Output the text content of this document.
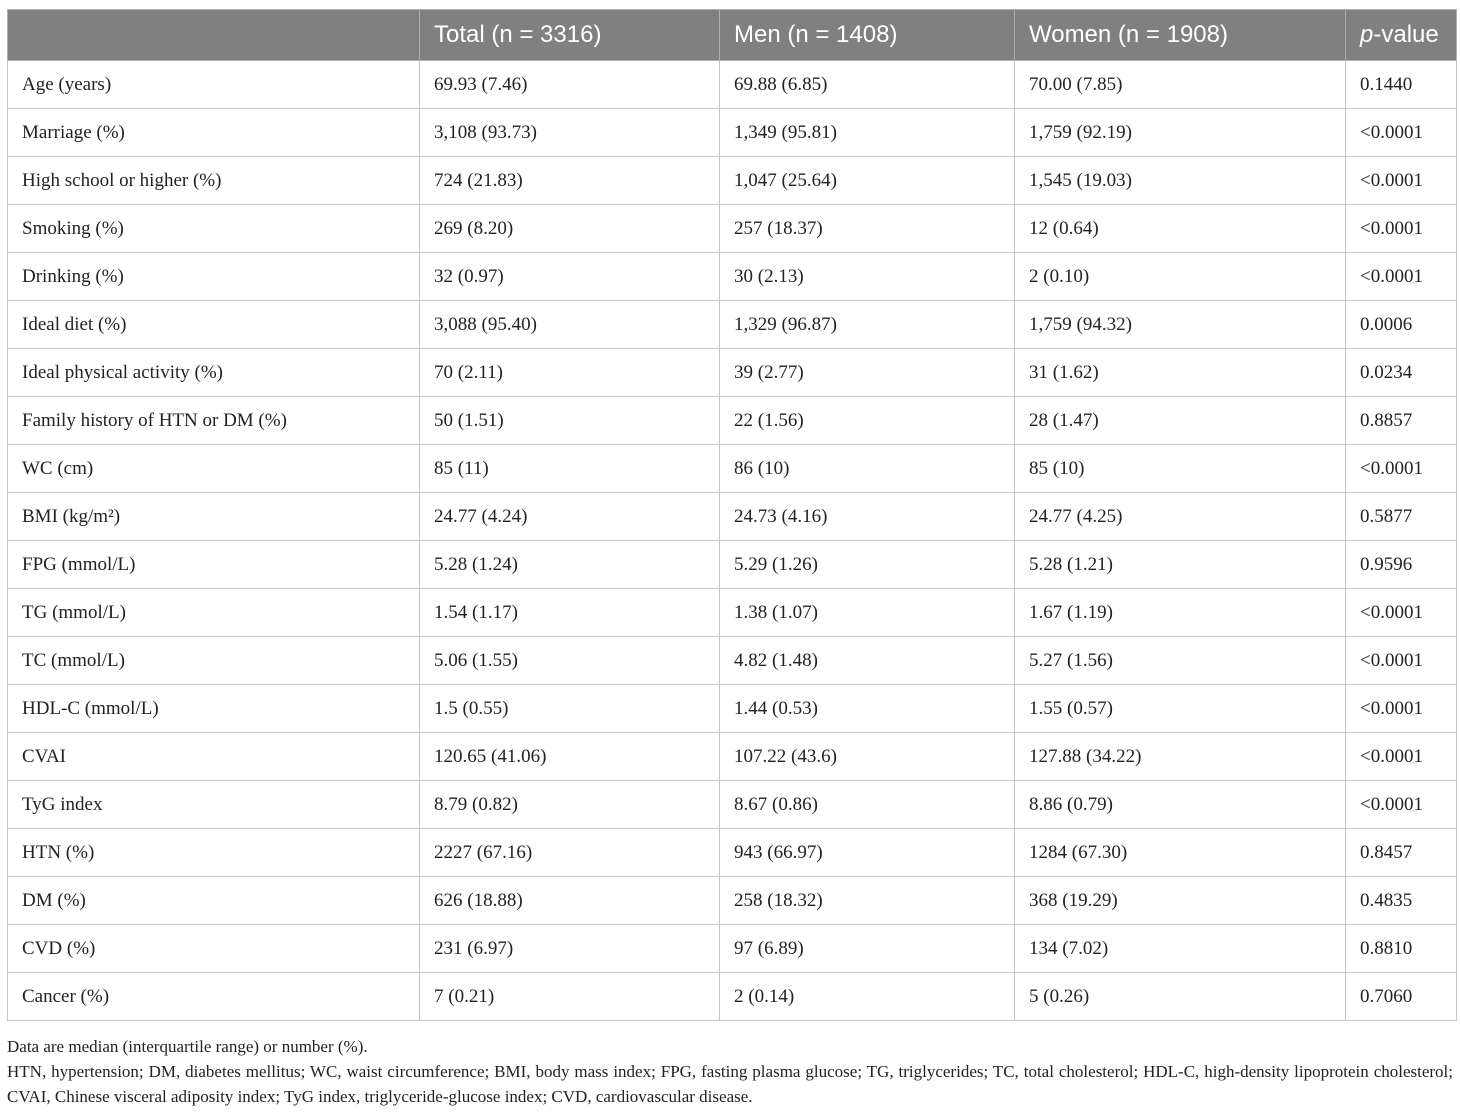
	Total (n = 3316)	Men (n = 1408)	Women (n = 1908)	p-value
Age (years)	69.93 (7.46)	69.88 (6.85)	70.00 (7.85)	0.1440
Marriage (%)	3,108 (93.73)	1,349 (95.81)	1,759 (92.19)	<0.0001
High school or higher (%)	724 (21.83)	1,047 (25.64)	1,545 (19.03)	<0.0001
Smoking (%)	269 (8.20)	257 (18.37)	12 (0.64)	<0.0001
Drinking (%)	32 (0.97)	30 (2.13)	2 (0.10)	<0.0001
Ideal diet (%)	3,088 (95.40)	1,329 (96.87)	1,759 (94.32)	0.0006
Ideal physical activity (%)	70 (2.11)	39 (2.77)	31 (1.62)	0.0234
Family history of HTN or DM (%)	50 (1.51)	22 (1.56)	28 (1.47)	0.8857
WC (cm)	85 (11)	86 (10)	85 (10)	<0.0001
BMI (kg/m²)	24.77 (4.24)	24.73 (4.16)	24.77 (4.25)	0.5877
FPG (mmol/L)	5.28 (1.24)	5.29 (1.26)	5.28 (1.21)	0.9596
TG (mmol/L)	1.54 (1.17)	1.38 (1.07)	1.67 (1.19)	<0.0001
TC (mmol/L)	5.06 (1.55)	4.82 (1.48)	5.27 (1.56)	<0.0001
HDL-C (mmol/L)	1.5 (0.55)	1.44 (0.53)	1.55 (0.57)	<0.0001
CVAI	120.65 (41.06)	107.22 (43.6)	127.88 (34.22)	<0.0001
TyG index	8.79 (0.82)	8.67 (0.86)	8.86 (0.79)	<0.0001
HTN (%)	2227 (67.16)	943 (66.97)	1284 (67.30)	0.8457
DM (%)	626 (18.88)	258 (18.32)	368 (19.29)	0.4835
CVD (%)	231 (6.97)	97 (6.89)	134 (7.02)	0.8810
Cancer (%)	7 (0.21)	2 (0.14)	5 (0.26)	0.7060

Data are median (interquartile range) or number (%).

HTN, hypertension; DM, diabetes mellitus; WC, waist circumference; BMI, body mass index; FPG, fasting plasma glucose; TG, triglycerides; TC, total cholesterol; HDL-C, high-density lipoprotein cholesterol; CVAI, Chinese visceral adiposity index; TyG index, triglyceride-glucose index; CVD, cardiovascular disease.
